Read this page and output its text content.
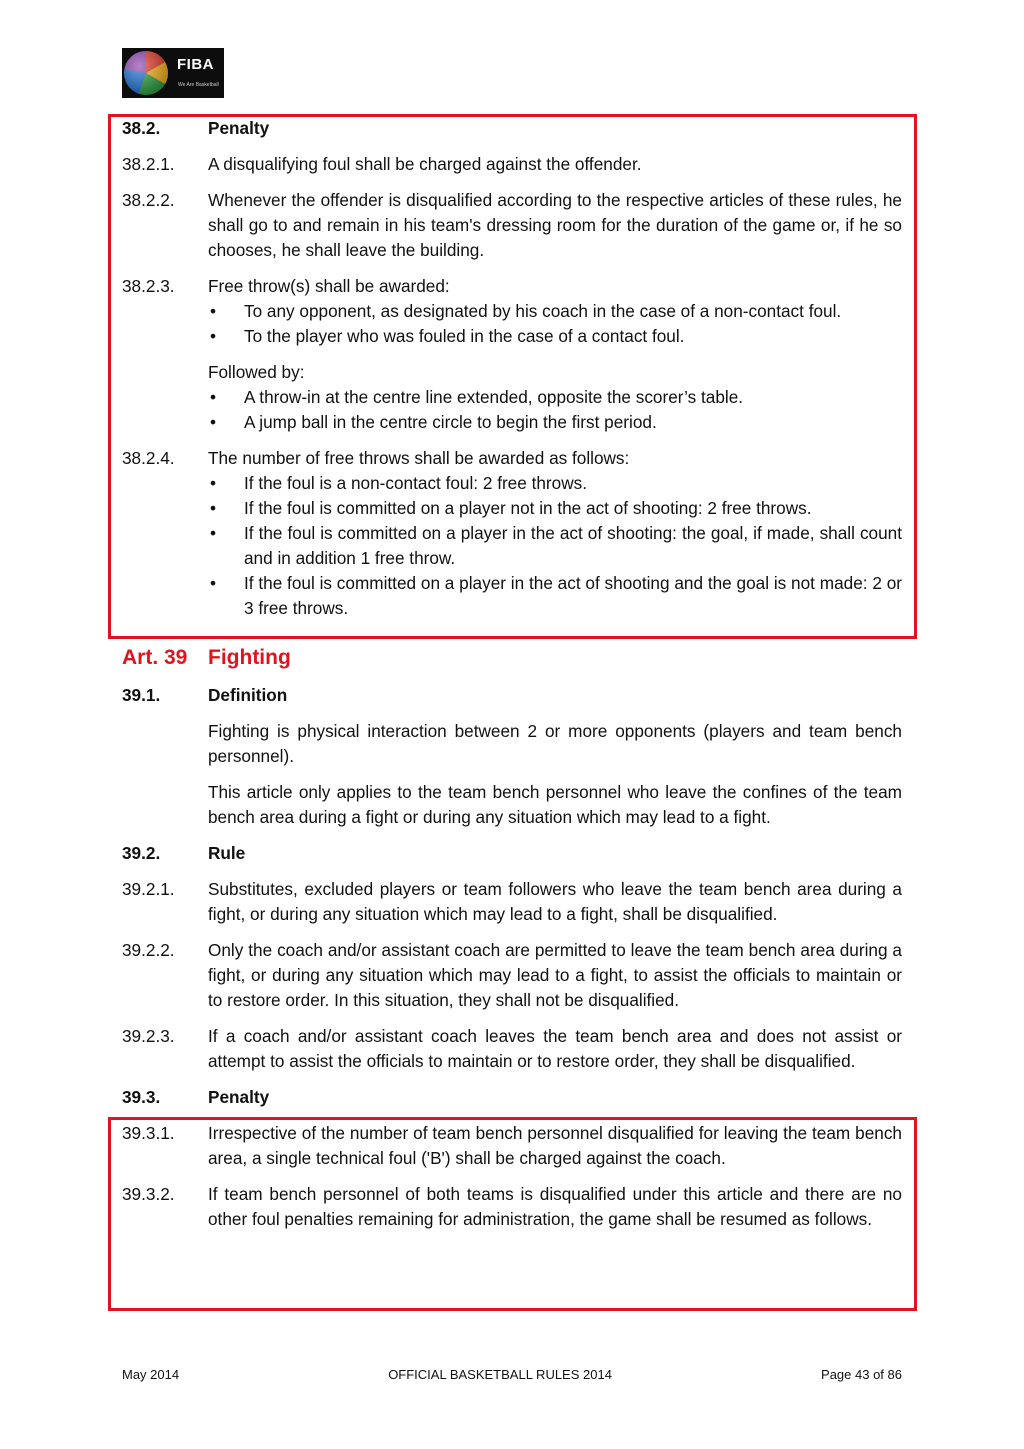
FIBA
We Are Basketball
38.2.	Penalty
38.2.1.	A disqualifying foul shall be charged against the offender.
38.2.2.	Whenever the offender is disqualified according to the respective articles of these rules, he shall go to and remain in his team's dressing room for the duration of the game or, if he so chooses, he shall leave the building.
38.2.3.	Free throw(s) shall be awarded:
• To any opponent, as designated by his coach in the case of a non-contact foul.
• To the player who was fouled in the case of a contact foul.
Followed by:
• A throw-in at the centre line extended, opposite the scorer’s table.
• A jump ball in the centre circle to begin the first period.
38.2.4.	The number of free throws shall be awarded as follows:
• If the foul is a non-contact foul: 2 free throws.
• If the foul is committed on a player not in the act of shooting: 2 free throws.
• If the foul is committed on a player in the act of shooting: the goal, if made, shall count and in addition 1 free throw.
• If the foul is committed on a player in the act of shooting and the goal is not made: 2 or 3 free throws.
Art. 39 Fighting
39.1.	Definition
Fighting is physical interaction between 2 or more opponents (players and team bench personnel).
This article only applies to the team bench personnel who leave the confines of the team bench area during a fight or during any situation which may lead to a fight.
39.2.	Rule
39.2.1.	Substitutes, excluded players or team followers who leave the team bench area during a fight, or during any situation which may lead to a fight, shall be disqualified.
39.2.2.	Only the coach and/or assistant coach are permitted to leave the team bench area during a fight, or during any situation which may lead to a fight, to assist the officials to maintain or to restore order. In this situation, they shall not be disqualified.
39.2.3.	If a coach and/or assistant coach leaves the team bench area and does not assist or attempt to assist the officials to maintain or to restore order, they shall be disqualified.
39.3.	Penalty
39.3.1.	Irrespective of the number of team bench personnel disqualified for leaving the team bench area, a single technical foul ('B') shall be charged against the coach.
39.3.2.	If team bench personnel of both teams is disqualified under this article and there are no other foul penalties remaining for administration, the game shall be resumed as follows.
May 2014	OFFICIAL BASKETBALL RULES 2014	Page 43 of 86
